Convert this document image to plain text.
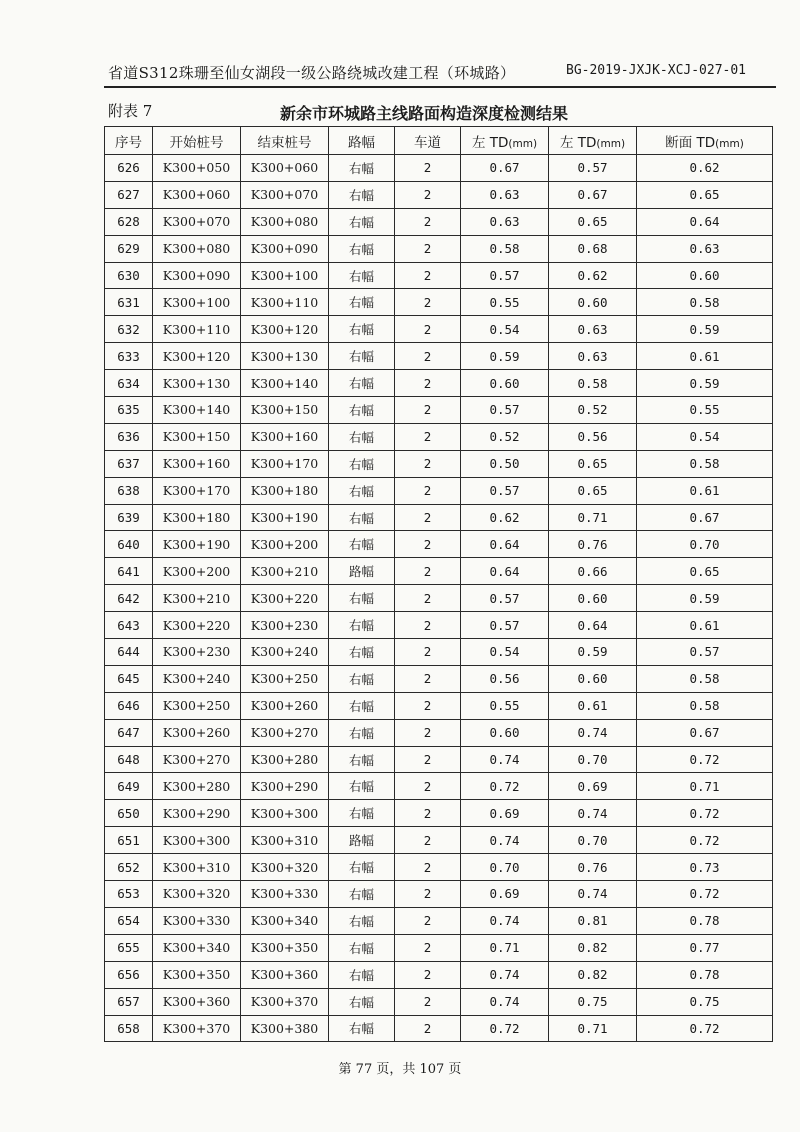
省道S312珠珊至仙女湖段一级公路绕城改建工程（环城路）	BG-2019-JXJK-XCJ-027-01
附表 7	新余市环城路主线路面构造深度检测结果
序号	开始桩号	结束桩号	路幅	车道	左 TD(mm)	左 TD(mm)	断面 TD(mm)
626	K300+050	K300+060	右幅	2	0.67	0.57	0.62
627	K300+060	K300+070	右幅	2	0.63	0.67	0.65
628	K300+070	K300+080	右幅	2	0.63	0.65	0.64
629	K300+080	K300+090	右幅	2	0.58	0.68	0.63
630	K300+090	K300+100	右幅	2	0.57	0.62	0.60
631	K300+100	K300+110	右幅	2	0.55	0.60	0.58
632	K300+110	K300+120	右幅	2	0.54	0.63	0.59
633	K300+120	K300+130	右幅	2	0.59	0.63	0.61
634	K300+130	K300+140	右幅	2	0.60	0.58	0.59
635	K300+140	K300+150	右幅	2	0.57	0.52	0.55
636	K300+150	K300+160	右幅	2	0.52	0.56	0.54
637	K300+160	K300+170	右幅	2	0.50	0.65	0.58
638	K300+170	K300+180	右幅	2	0.57	0.65	0.61
639	K300+180	K300+190	右幅	2	0.62	0.71	0.67
640	K300+190	K300+200	右幅	2	0.64	0.76	0.70
641	K300+200	K300+210	路幅	2	0.64	0.66	0.65
642	K300+210	K300+220	右幅	2	0.57	0.60	0.59
643	K300+220	K300+230	右幅	2	0.57	0.64	0.61
644	K300+230	K300+240	右幅	2	0.54	0.59	0.57
645	K300+240	K300+250	右幅	2	0.56	0.60	0.58
646	K300+250	K300+260	右幅	2	0.55	0.61	0.58
647	K300+260	K300+270	右幅	2	0.60	0.74	0.67
648	K300+270	K300+280	右幅	2	0.74	0.70	0.72
649	K300+280	K300+290	右幅	2	0.72	0.69	0.71
650	K300+290	K300+300	右幅	2	0.69	0.74	0.72
651	K300+300	K300+310	路幅	2	0.74	0.70	0.72
652	K300+310	K300+320	右幅	2	0.70	0.76	0.73
653	K300+320	K300+330	右幅	2	0.69	0.74	0.72
654	K300+330	K300+340	右幅	2	0.74	0.81	0.78
655	K300+340	K300+350	右幅	2	0.71	0.82	0.77
656	K300+350	K300+360	右幅	2	0.74	0.82	0.78
657	K300+360	K300+370	右幅	2	0.74	0.75	0.75
658	K300+370	K300+380	右幅	2	0.72	0.71	0.72
第 77 页，共 107 页
